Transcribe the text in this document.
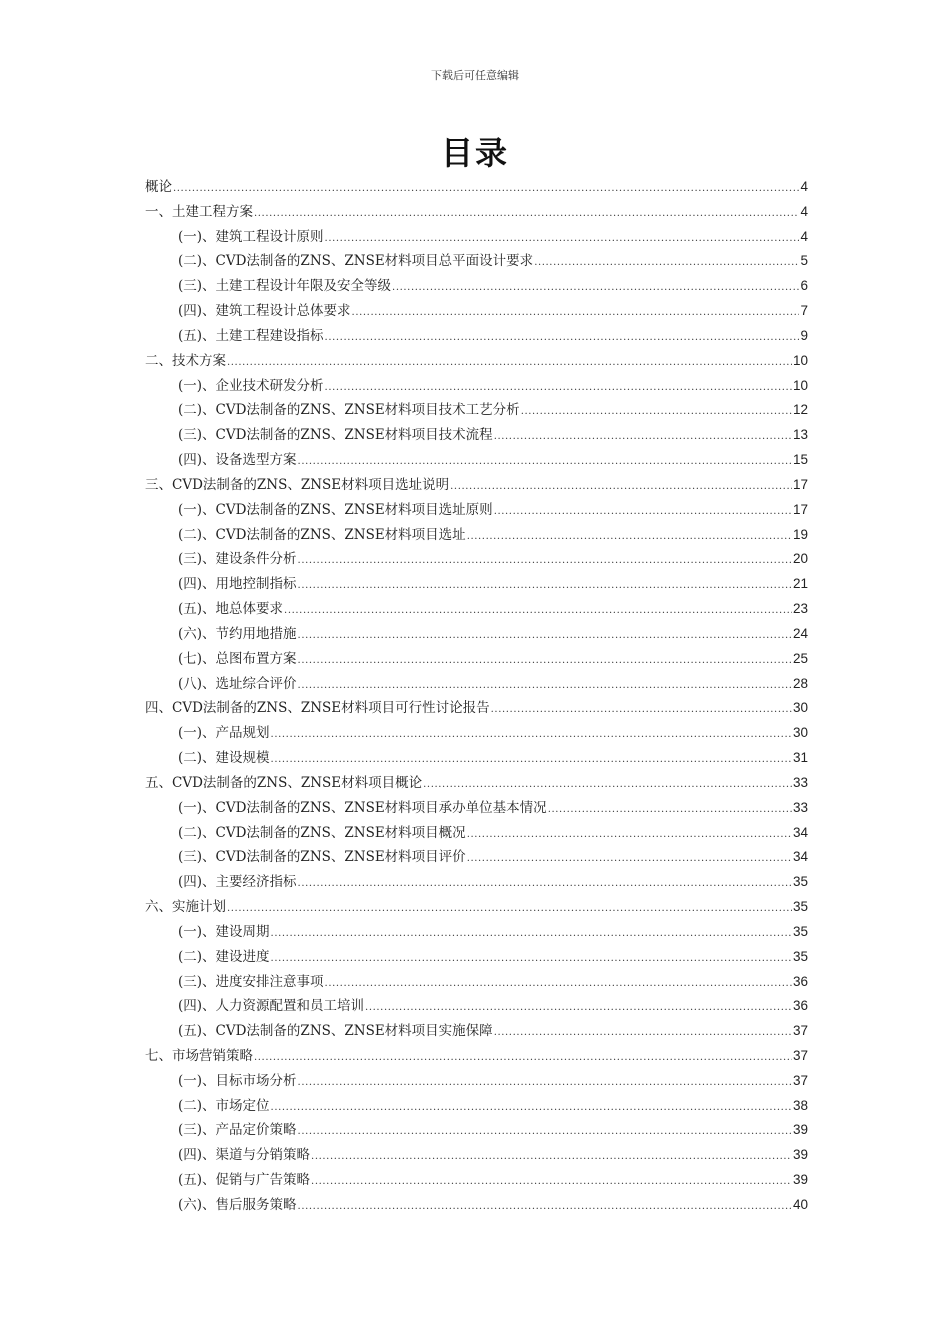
下载后可任意编辑
目录
概论 .....	4
一、土建工程方案 .....	4
(一)、建筑工程设计原则 .....	4
(二)、CVD法制备的ZNS、ZNSE材料项目总平面设计要求 .....	5
(三)、土建工程设计年限及安全等级 .....	6
(四)、建筑工程设计总体要求 .....	7
(五)、土建工程建设指标 .....	9
二、技术方案 .....	10
(一)、企业技术研发分析 .....	10
(二)、CVD法制备的ZNS、ZNSE材料项目技术工艺分析 .....	12
(三)、CVD法制备的ZNS、ZNSE材料项目技术流程 .....	13
(四)、设备选型方案 .....	15
三、CVD法制备的ZNS、ZNSE材料项目选址说明 .....	17
(一)、CVD法制备的ZNS、ZNSE材料项目选址原则 .....	17
(二)、CVD法制备的ZNS、ZNSE材料项目选址 .....	19
(三)、建设条件分析 .....	20
(四)、用地控制指标 .....	21
(五)、地总体要求 .....	23
(六)、节约用地措施 .....	24
(七)、总图布置方案 .....	25
(八)、选址综合评价 .....	28
四、CVD法制备的ZNS、ZNSE材料项目可行性讨论报告 .....	30
(一)、产品规划 .....	30
(二)、建设规模 .....	31
五、CVD法制备的ZNS、ZNSE材料项目概论 .....	33
(一)、CVD法制备的ZNS、ZNSE材料项目承办单位基本情况 .....	33
(二)、CVD法制备的ZNS、ZNSE材料项目概况 .....	34
(三)、CVD法制备的ZNS、ZNSE材料项目评价 .....	34
(四)、主要经济指标 .....	35
六、实施计划 .....	35
(一)、建设周期 .....	35
(二)、建设进度 .....	35
(三)、进度安排注意事项 .....	36
(四)、人力资源配置和员工培训 .....	36
(五)、CVD法制备的ZNS、ZNSE材料项目实施保障 .....	37
七、市场营销策略 .....	37
(一)、目标市场分析 .....	37
(二)、市场定位 .....	38
(三)、产品定价策略 .....	39
(四)、渠道与分销策略 .....	39
(五)、促销与广告策略 .....	39
(六)、售后服务策略 .....	40
